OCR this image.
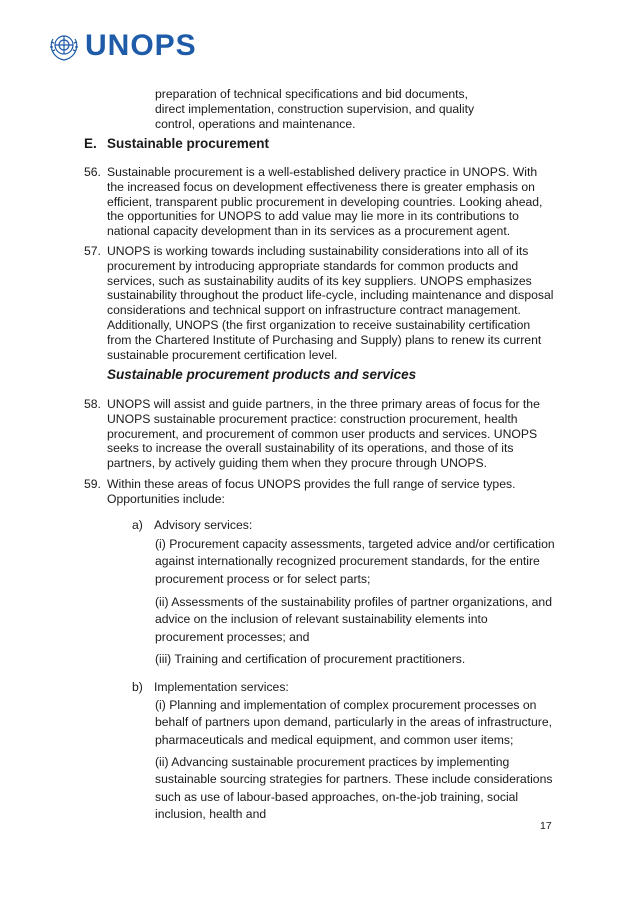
UNOPS
preparation of technical specifications and bid documents, direct implementation, construction supervision, and quality control, operations and maintenance.
E. Sustainable procurement
56. Sustainable procurement is a well-established delivery practice in UNOPS. With the increased focus on development effectiveness there is greater emphasis on efficient, transparent public procurement in developing countries. Looking ahead, the opportunities for UNOPS to add value may lie more in its contributions to national capacity development than in its services as a procurement agent.
57. UNOPS is working towards including sustainability considerations into all of its procurement by introducing appropriate standards for common products and services, such as sustainability audits of its key suppliers. UNOPS emphasizes sustainability throughout the product life-cycle, including maintenance and disposal considerations and technical support on infrastructure contract management. Additionally, UNOPS (the first organization to receive sustainability certification from the Chartered Institute of Purchasing and Supply) plans to renew its current sustainable procurement certification level.
Sustainable procurement products and services
58. UNOPS will assist and guide partners, in the three primary areas of focus for the UNOPS sustainable procurement practice: construction procurement, health procurement, and procurement of common user products and services. UNOPS seeks to increase the overall sustainability of its operations, and those of its partners, by actively guiding them when they procure through UNOPS.
59. Within these areas of focus UNOPS provides the full range of service types. Opportunities include:
a) Advisory services:
(i) Procurement capacity assessments, targeted advice and/or certification against internationally recognized procurement standards, for the entire procurement process or for select parts;
(ii) Assessments of the sustainability profiles of partner organizations, and advice on the inclusion of relevant sustainability elements into procurement processes; and
(iii) Training and certification of procurement practitioners.
b) Implementation services:
(i) Planning and implementation of complex procurement processes on behalf of partners upon demand, particularly in the areas of infrastructure, pharmaceuticals and medical equipment, and common user items;
(ii) Advancing sustainable procurement practices by implementing sustainable sourcing strategies for partners. These include considerations such as use of labour-based approaches, on-the-job training, social inclusion, health and
17
